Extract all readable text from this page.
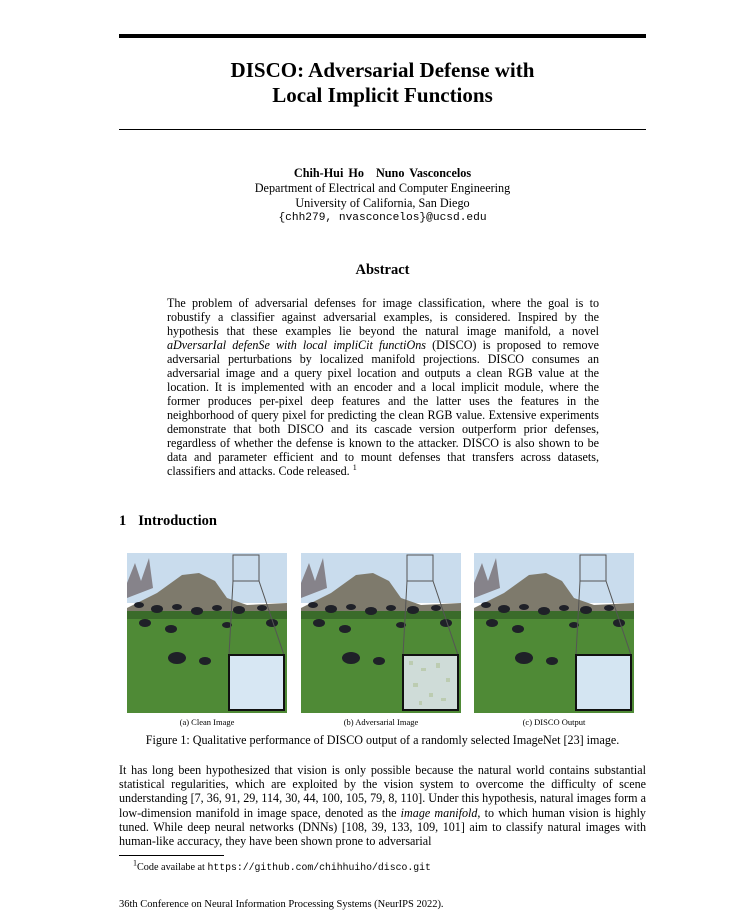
DISCO: Adversarial Defense with
Local Implicit Functions
Chih-Hui Ho Nuno Vasconcelos
Department of Electrical and Computer Engineering
University of California, San Diego
{chh279, nvasconcelos}@ucsd.edu
Abstract
The problem of adversarial defenses for image classification, where the goal is to robustify a classifier against adversarial examples, is considered. Inspired by the hypothesis that these examples lie beyond the natural image manifold, a novel aDversarIal defenSe with local impliCit functiOns (DISCO) is proposed to remove adversarial perturbations by localized manifold projections. DISCO consumes an adversarial image and a query pixel location and outputs a clean RGB value at the location. It is implemented with an encoder and a local implicit module, where the former produces per-pixel deep features and the latter uses the features in the neighborhood of query pixel for predicting the clean RGB value. Extensive experiments demonstrate that both DISCO and its cascade version outperform prior defenses, regardless of whether the defense is known to the attacker. DISCO is also shown to be data and parameter efficient and to mount defenses that transfers across datasets, classifiers and attacks. Code released. $^1$
1 Introduction
(a) Clean Image	(b) Adversarial Image	(c) DISCO Output
Figure 1: Qualitative performance of DISCO output of a randomly selected ImageNet [23] image.
It has long been hypothesized that vision is only possible because the natural world contains substantial statistical regularities, which are exploited by the vision system to overcome the difficulty of scene understanding [7, 36, 91, 29, 114, 30, 44, 100, 105, 79, 8, 110]. Under this hypothesis, natural images form a low-dimension manifold in image space, denoted as the image manifold, to which human vision is highly tuned. While deep neural networks (DNNs) [108, 39, 133, 109, 101] aim to classify natural images with human-like accuracy, they have been shown prone to adversarial
$^1$Code availabe at https://github.com/chihhuiho/disco.git
36th Conference on Neural Information Processing Systems (NeurIPS 2022).
